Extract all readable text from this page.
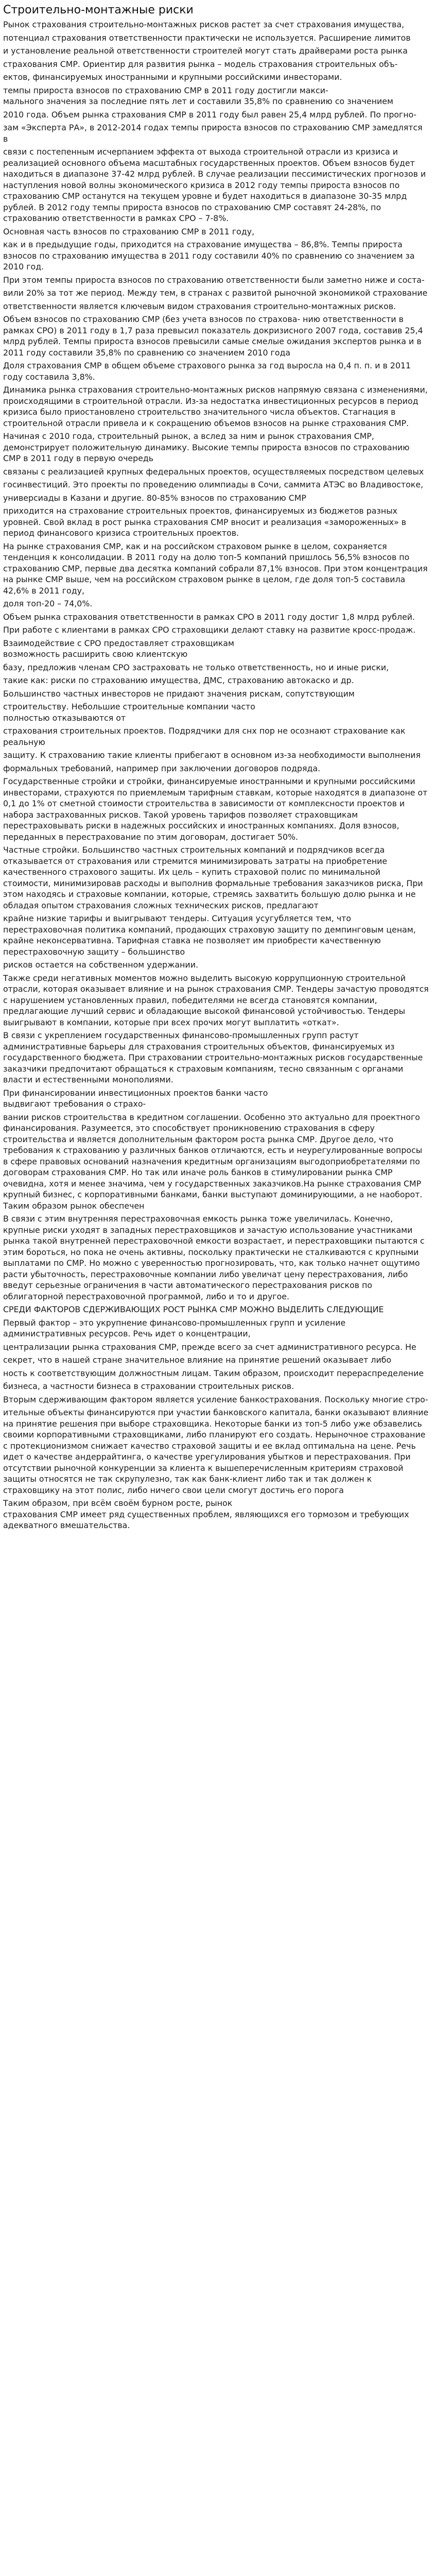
Строительно-монтажные риски

Рынок страхования строительно-монтажных рисков растет за счет страхования имущества,

потенциал страхования ответственности практически не используется. Расширение лимитов

и установление реальной ответственности строителей могут стать драйверами роста рынка

страхования СМР. Ориентир для развития рынка – модель страхования строительных объ-

ектов, финансируемых иностранными и крупными российскими инвесторами.

темпы прироста взносов по страхованию СМР в 2011 году достигли макси-
мального значения за последние пять лет и составили 35,8% по сравнению со значением

2010 года. Объем рынка страхования СМР в 2011 году был равен 25,4 млрд рублей. По прогно-

зам «Эксперта РА», в 2012-2014 годах темпы прироста взносов по страхованию СМР замедлятся в

связи с постепенным исчерпанием эффекта от выхода строительной отрасли из кризиса и реализацией основного объема масштабных государственных проектов. Объем взносов будет находиться в диапазоне 37-42 млрд рублей. В случае реализации пессимистических прогнозов и наступления новой волны экономического кризиса в 2012 году темпы прироста взносов по страхованию СМР останутся на текущем уровне и будет находиться в диапазоне 30-35 млрд рублей. В 2012 году темпы прироста взносов по страхованию СМР составят 24-28%, по страхованию ответственности в рамках СРО – 7-8%.

Основная часть взносов по страхованию СМР в 2011 году,

как и в предыдущие годы, приходится на страхование имущества – 86,8%. Темпы прироста взносов по страхованию имущества в 2011 году составили 40% по сравнению со значением за 2010 год.

При этом темпы прироста взносов по страхованию ответственности были заметно ниже и соста-

вили 20% за тот же период. Между тем, в странах с развитой рыночной экономикой страхование

ответственности является ключевым видом страхования строительно-монтажных рисков.

Объем взносов по страхованию СМР (без учета взносов по страхова- нию ответственности в рамках СРО) в 2011 году в 1,7 раза превысил показатель докризисного 2007 года, составив 25,4 млрд рублей. Темпы прироста взносов превысили самые смелые ожидания экспертов рынка и в 2011 году составили 35,8% по сравнению со значением 2010 года

Доля страхования СМР в общем объеме страхового рынка за год выросла на 0,4 п. п. и в 2011 году составила 3,8%.

Динамика рынка страхования строительно-монтажных рисков напрямую связана с изменениями, происходящими в строительной отрасли. Из-за недостатка инвестиционных ресурсов в период кризиса было приостановлено строительство значительного числа объектов. Стагнация в строительной отрасли привела и к сокращению объемов взносов на рынке страхования СМР.

Начиная с 2010 года, строительный рынок, а вслед за ним и рынок страхования СМР, демонстрирует положительную динамику. Высокие темпы прироста взносов по страхованию СМР в 2011 году в первую очередь

связаны с реализацией крупных федеральных проектов, осуществляемых посредством целевых

госинвестиций. Это проекты по проведению олимпиады в Сочи, саммита АТЭС во Владивостоке,

универсиады в Казани и другие. 80-85% взносов по страхованию СМР

приходится на страхование строительных проектов, финансируемых из бюджетов разных уровней. Свой вклад в рост рынка страхования СМР вносит и реализация «замороженных» в период финансового кризиса строительных проектов.

На рынке страхования СМР, как и на российском страховом рынке в целом, сохраняется тенденция к консолидации. В 2011 году на долю топ-5 компаний пришлось 56,5% взносов по страхованию СМР, первые два десятка компаний собрали 87,1% взносов. При этом концентрация на рынке СМР выше, чем на российском страховом рынке в целом, где доля топ-5 составила 42,6% в 2011 году,

доля топ-20 – 74,0%.

Объем рынка страхования ответственности в рамках СРО в 2011 году достиг 1,8 млрд рублей.

При работе с клиентами в рамках СРО страховщики делают ставку на развитие кросс-продаж.

Взаимодействие с СРО предоставляет страховщикам
возможность расширить свою клиентскую

базу, предложив членам СРО застраховать не только ответственность, но и иные риски,

такие как: риски по страхованию имущества, ДМС, страхованию автокаско и др.

Большинство частных инвесторов не придают значения рискам, сопутствующим

строительству. Небольшие строительные компании часто
полностью отказываются от

страхования строительных проектов. Подрядчики для снх пор не осознают страхование как реальную

защиту. К страхованию такие клиенты прибегают в основном из-за необходимости выполнения

формальных требований, например при заключении договоров подряда.

Государственные стройки и стройки, финансируемые иностранными и крупными российскими инвесторами, страхуются по приемлемым тарифным ставкам, которые находятся в диапазоне от 0,1 до 1% от сметной стоимости строительства в зависимости от комплексности проектов и набора застрахованных рисков. Такой уровень тарифов позволяет страховщикам перестраховывать риски в надежных российских и иностранных компаниях. Доля взносов, переданных в перестрахование по этим договорам, достигает 50%.

Частные стройки. Большинство частных строительных компаний и подрядчиков всегда отказывается от страхования или стремится минимизировать затраты на приобретение качественного страхового защиты. Их цель – купить страховой полис по минимальной стоимости, минимизировав расходы и выполнив формальные требования заказчиков риска, При этом находясь и страховые компании, которые, стремясь захватить большую долю рынка и не обладая опытом страхования сложных технических рисков, предлагают

крайне низкие тарифы и выигрывают тендеры. Ситуация усугубляется тем, что перестраховочная политика компаний, продающих страховую защиту по демпинговым ценам, крайне неконсервативна. Тарифная ставка не позволяет им приобрести качественную перестраховочную защиту – большинство

рисков остается на собственном удержании.

Также среди негативных моментов можно выделить высокую коррупционную строительной отрасли, которая оказывает влияние и на рынок страхования СМР. Тендеры зачастую проводятся с нарушением установленных правил, победителями не всегда становятся компании, предлагающие лучший сервис и обладающие высокой финансовой устойчивостью. Тендеры выигрывают в компании, которые при всех прочих могут выплатить «откат».

В связи с укреплением государственных финансово-промышленных групп растут административные барьеры для страхования строительных объектов, финансируемых из государственного бюджета. При страховании строительно-монтажных рисков государственные заказчики предпочитают обращаться к страховым компаниям, тесно связанным с органами власти и естественными монополиями.

При финансировании инвестиционных проектов банки часто
выдвигают требования о страхо-

вании рисков строительства в кредитном соглашении. Особенно это актуально для проектного финансирования. Разумеется, это способствует проникновению страхования в сферу строительства и является дополнительным фактором роста рынка СМР. Другое дело, что требования к страхованию у различных банков отличаются, есть и неурегулированные вопросы в сфере правовых оснований назначения кредитным организациям выгодоприобретателями по договорам страхования СМР. Но так или иначе роль банков в стимулировании рынка СМР очевидна, хотя и менее значима, чем у государственных заказчиков.На рынке страхования СМР крупный бизнес, с корпоративными банками, банки выступают доминирующими, а не наоборот. Таким образом рынок обеспечен

В связи с этим внутренняя перестраховочная емкость рынка тоже увеличилась. Конечно, крупные риски уходят в западных перестраховщиков и зачастую использование участниками рынка такой внутренней перестраховочной емкости возрастает, и перестраховщики пытаются с этим бороться, но пока не очень активны, поскольку практически не сталкиваются с крупными выплатами по СМР. Но можно с уверенностью прогнозировать, что, как только начнет ощутимо расти убыточность, перестраховочные компании либо увеличат цену перестрахования, либо введут серьезные ограничения в части автоматического перестрахования рисков по облигаторной перестраховочной программой, либо и то и другое.

СРЕДИ ФАКТОРОВ СДЕРЖИВАЮЩИХ РОСТ РЫНКА СМР МОЖНО ВЫДЕЛИТЬ СЛЕДУЮЩИЕ

Первый фактор – это укрупнение финансово-промышленных групп и усиление административных ресурсов. Речь идет о концентрации,

централизации рынка страхования СМР, прежде всего за счет административного ресурса. Не

секрет, что в нашей стране значительное влияние на принятие решений оказывает либо

ность к соответствующим должностным лицам. Таким образом, происходит перераспределение

бизнеса, а частности бизнеса в страховании строительных рисков.

Вторым сдерживающим фактором является усиление банкострахования. Поскольку многие стро-

ительные объекты финансируются при участии банковского капитала, банки оказывают влияние на принятие решения при выборе страховщика. Некоторые банки из топ-5 либо уже обзавелись своими корпоративными страховщиками, либо планируют его создать. Нерыночное страхование с протекционизмом снижает качество страховой защиты и ее вклад оптимальна на цене. Речь идет о качестве андеррайтинга, о качестве урегулирования убытков и перестрахования. При отсутствии рыночной конкуренции за клиента к вышеперечисленным критериям страховой защиты относятся не так скрупулезно, так как банк-клиент либо так и так должен к страховщику на этот полис, либо ничего свои цели смогут достичь его порога

Таким образом, при всём своём бурном росте, рынок
страхования СМР имеет ряд существенных проблем, являющихся его тормозом и требующих адекватного вмешательства.
